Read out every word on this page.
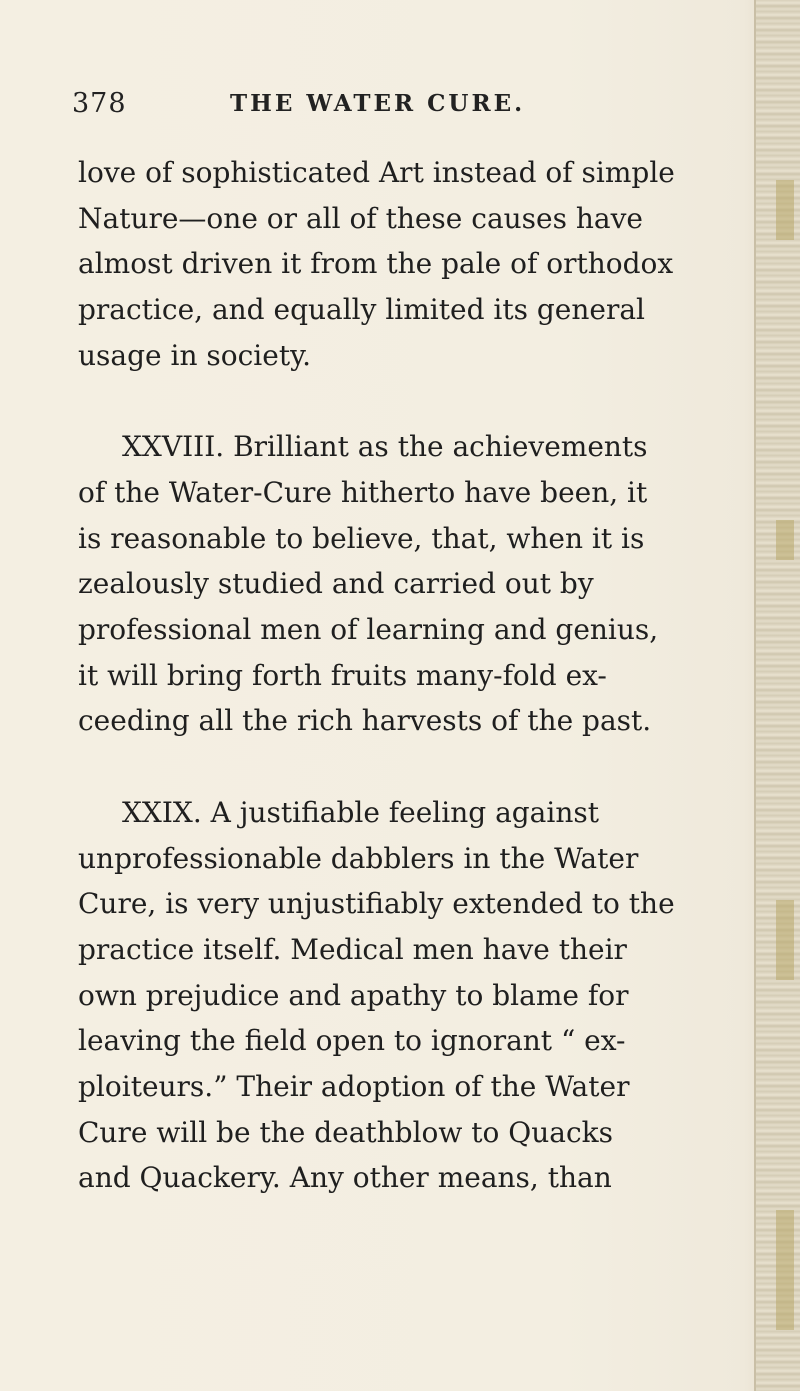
378	THE WATER CURE.
love of sophisticated Art instead of simple
Nature—one or all of these causes have
almost driven it from the pale of orthodox
practice, and equally limited its general
usage in society.
XXVIII. Brilliant as the achievements
of the Water-Cure hitherto have been, it
is reasonable to believe, that, when it is
zealously studied and carried out by
professional men of learning and genius,
it will bring forth fruits many-fold ex-
ceeding all the rich harvests of the past.
XXIX. A justifiable feeling against
unprofessionable dabblers in the Water
Cure, is very unjustifiably extended to the
practice itself. Medical men have their
own prejudice and apathy to blame for
leaving the field open to ignorant “ ex-
ploiteurs.” Their adoption of the Water
Cure will be the deathblow to Quacks
and Quackery. Any other means, than
